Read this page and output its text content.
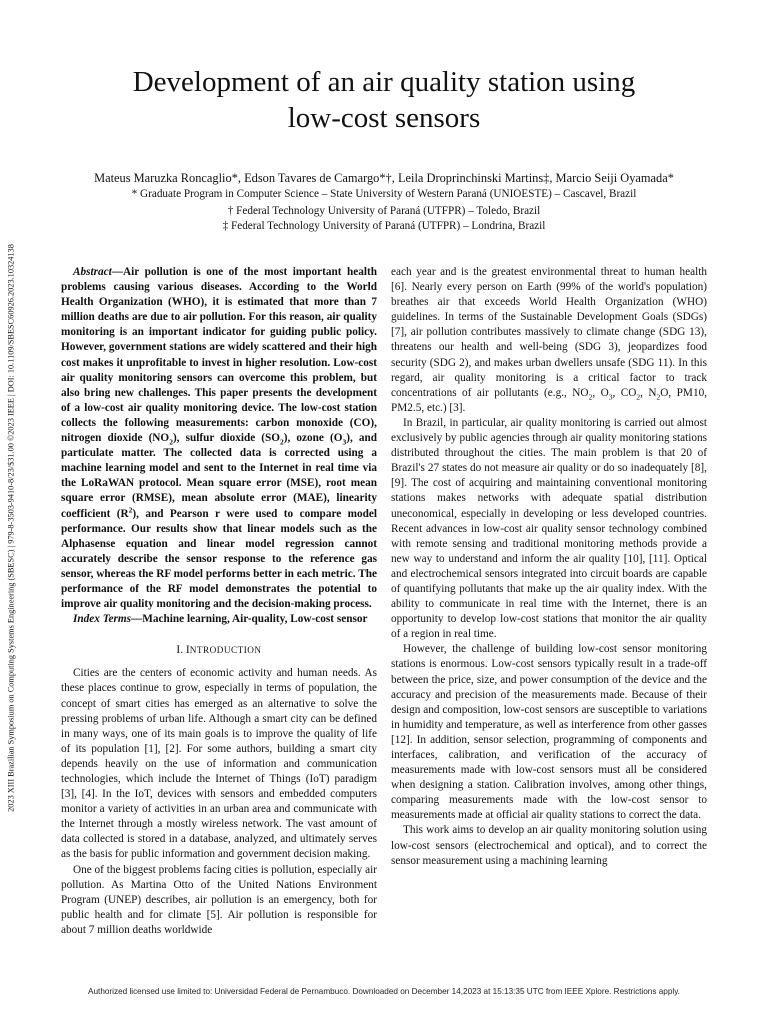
2023 XIII Brazilian Symposium on Computing Systems Engineering (SBESC) | 979-8-3503-9410-8/23/$31.00 ©2023 IEEE | DOI: 10.1109/SBESC60926.2023.10324138
Development of an air quality station using
low-cost sensors
Mateus Maruzka Roncaglio*, Edson Tavares de Camargo*†, Leila Droprinchinski Martins‡, Marcio Seiji Oyamada*
* Graduate Program in Computer Science – State University of Western Paraná (UNIOESTE) – Cascavel, Brazil
† Federal Technology University of Paraná (UTFPR) – Toledo, Brazil
‡ Federal Technology University of Paraná (UTFPR) – Londrina, Brazil

Abstract—Air pollution is one of the most important health problems causing various diseases. According to the World Health Organization (WHO), it is estimated that more than 7 million deaths are due to air pollution. For this reason, air quality monitoring is an important indicator for guiding public policy. However, government stations are widely scattered and their high cost makes it unprofitable to invest in higher resolution. Low-cost air quality monitoring sensors can overcome this problem, but also bring new challenges. This paper presents the development of a low-cost air quality monitoring device. The low-cost station collects the following measurements: carbon monoxide (CO), nitrogen dioxide $(NO_2)$, sulfur dioxide $(SO_2)$, ozone $(O_3)$, and particulate matter. The collected data is corrected using a machine learning model and sent to the Internet in real time via the LoRaWAN protocol. Mean square error (MSE), root mean square error (RMSE), mean absolute error (MAE), linearity coefficient $(R^2)$, and Pearson r were used to compare model performance. Our results show that linear models such as the Alphasense equation and linear model regression cannot accurately describe the sensor response to the reference gas sensor, whereas the RF model performs better in each metric. The performance of the RF model demonstrates the potential to improve air quality monitoring and the decision-making process.

Index Terms—Machine learning, Air-quality, Low-cost sensor

I. INTRODUCTION

Cities are the centers of economic activity and human needs. As these places continue to grow, especially in terms of population, the concept of smart cities has emerged as an alternative to solve the pressing problems of urban life. Although a smart city can be defined in many ways, one of its main goals is to improve the quality of life of its population [1], [2]. For some authors, building a smart city depends heavily on the use of information and communication technologies, which include the Internet of Things (IoT) paradigm [3], [4]. In the IoT, devices with sensors and embedded computers monitor a variety of activities in an urban area and communicate with the Internet through a mostly wireless network. The vast amount of data collected is stored in a database, analyzed, and ultimately serves as the basis for public information and government decision making.

One of the biggest problems facing cities is pollution, especially air pollution. As Martina Otto of the United Nations Environment Program (UNEP) describes, air pollution is an emergency, both for public health and for climate [5]. Air pollution is responsible for about 7 million deaths worldwide

each year and is the greatest environmental threat to human health [6]. Nearly every person on Earth (99% of the world's population) breathes air that exceeds World Health Organization (WHO) guidelines. In terms of the Sustainable Development Goals (SDGs) [7], air pollution contributes massively to climate change (SDG 13), threatens our health and well-being (SDG 3), jeopardizes food security (SDG 2), and makes urban dwellers unsafe (SDG 11). In this regard, air quality monitoring is a critical factor to track concentrations of air pollutants (e.g., $NO_2$, $O_3$, $CO_2$, $N_2O$, PM10, PM2.5, etc.) [3].

In Brazil, in particular, air quality monitoring is carried out almost exclusively by public agencies through air quality monitoring stations distributed throughout the cities. The main problem is that 20 of Brazil's 27 states do not measure air quality or do so inadequately [8], [9]. The cost of acquiring and maintaining conventional monitoring stations makes networks with adequate spatial distribution uneconomical, especially in developing or less developed countries. Recent advances in low-cost air quality sensor technology combined with remote sensing and traditional monitoring methods provide a new way to understand and inform the air quality [10], [11]. Optical and electrochemical sensors integrated into circuit boards are capable of quantifying pollutants that make up the air quality index. With the ability to communicate in real time with the Internet, there is an opportunity to develop low-cost stations that monitor the air quality of a region in real time.

However, the challenge of building low-cost sensor monitoring stations is enormous. Low-cost sensors typically result in a trade-off between the price, size, and power consumption of the device and the accuracy and precision of the measurements made. Because of their design and composition, low-cost sensors are susceptible to variations in humidity and temperature, as well as interference from other gasses [12]. In addition, sensor selection, programming of components and interfaces, calibration, and verification of the accuracy of measurements made with low-cost sensors must all be considered when designing a station. Calibration involves, among other things, comparing measurements made with the low-cost sensor to measurements made at official air quality stations to correct the data.

This work aims to develop an air quality monitoring solution using low-cost sensors (electrochemical and optical), and to correct the sensor measurement using a machining learning

Authorized licensed use limited to: Universidad Federal de Pernambuco. Downloaded on December 14,2023 at 15:13:35 UTC from IEEE Xplore. Restrictions apply.
